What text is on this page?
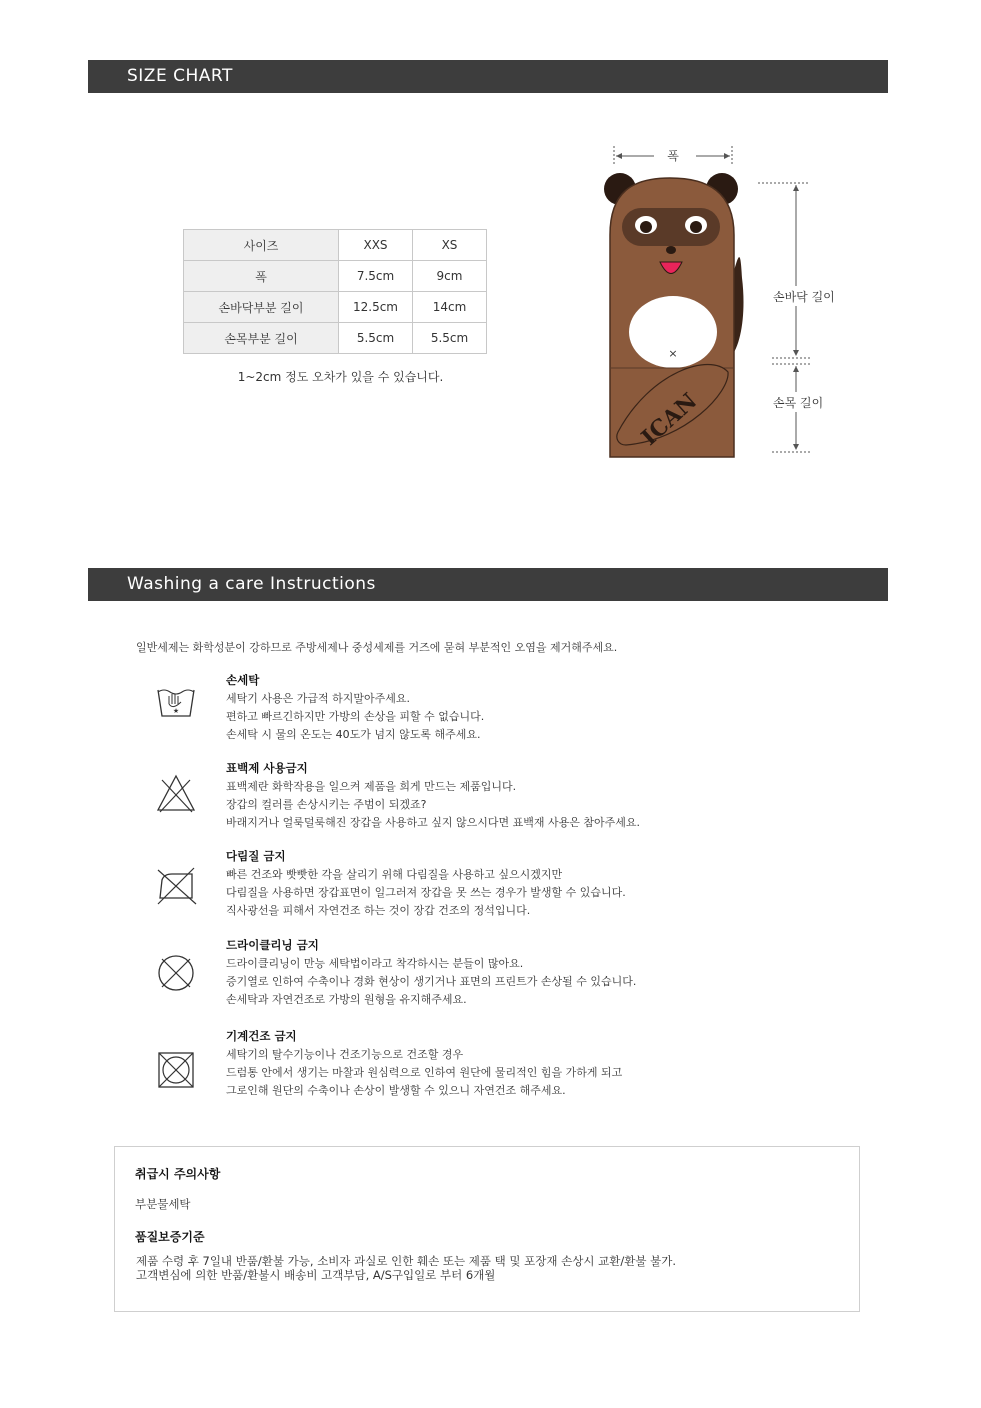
SIZE CHART
사이즈	XXS	XS
폭	7.5cm	9cm
손바닥부분 길이	12.5cm	14cm
손목부분 길이	5.5cm	5.5cm
1~2cm 정도 오차가 있을 수 있습니다.
폭
×
ICAN
손바닥 길이
손목 길이
Washing a care Instructions
일반세제는 화학성분이 강하므로 주방세제나 중성세제를 거즈에 묻혀 부분적인 오염을 제거해주세요.
★
손세탁
세탁기 사용은 가급적 하지말아주세요.
편하고 빠르긴하지만 가방의 손상을 피할 수 없습니다.
손세탁 시 물의 온도는 40도가 넘지 않도록 해주세요.
표백제 사용금지
표백제란 화학작용을 일으켜 제품을 희게 만드는 제품입니다.
장갑의 컬러를 손상시키는 주범이 되겠죠?
바래지거나 얼룩덜룩해진 장갑을 사용하고 싶지 않으시다면 표백재 사용은 참아주세요.
다림질 금지
빠른 건조와 빳빳한 각을 살리기 위해 다림질을 사용하고 싶으시겠지만
다림질을 사용하면 장갑표면이 일그러져 장갑을 못 쓰는 경우가 발생할 수 있습니다.
직사광선을 피해서 자연건조 하는 것이 장갑 건조의 정석입니다.
드라이클리닝 금지
드라이클리닝이 만능 세탁법이라고 착각하시는 분들이 많아요.
증기열로 인하여 수축이나 경화 현상이 생기거나 표면의 프린트가 손상될 수 있습니다.
손세탁과 자연건조로 가방의 원형을 유지해주세요.
기계건조 금지
세탁기의 탈수기능이나 건조기능으로 건조할 경우
드럼통 안에서 생기는 마찰과 원심력으로 인하여 원단에 물리적인 힘을 가하게 되고
그로인해 원단의 수축이나 손상이 발생할 수 있으니 자연건조 해주세요.
취급시 주의사항
부분물세탁
품질보증기준
제품 수령 후 7일내 반품/환불 가능, 소비자 과실로 인한 훼손 또는 제품 택 및 포장재 손상시 교환/환불 불가.
고객변심에 의한 반품/환불시 배송비 고객부담, A/S구입일로 부터 6개월
